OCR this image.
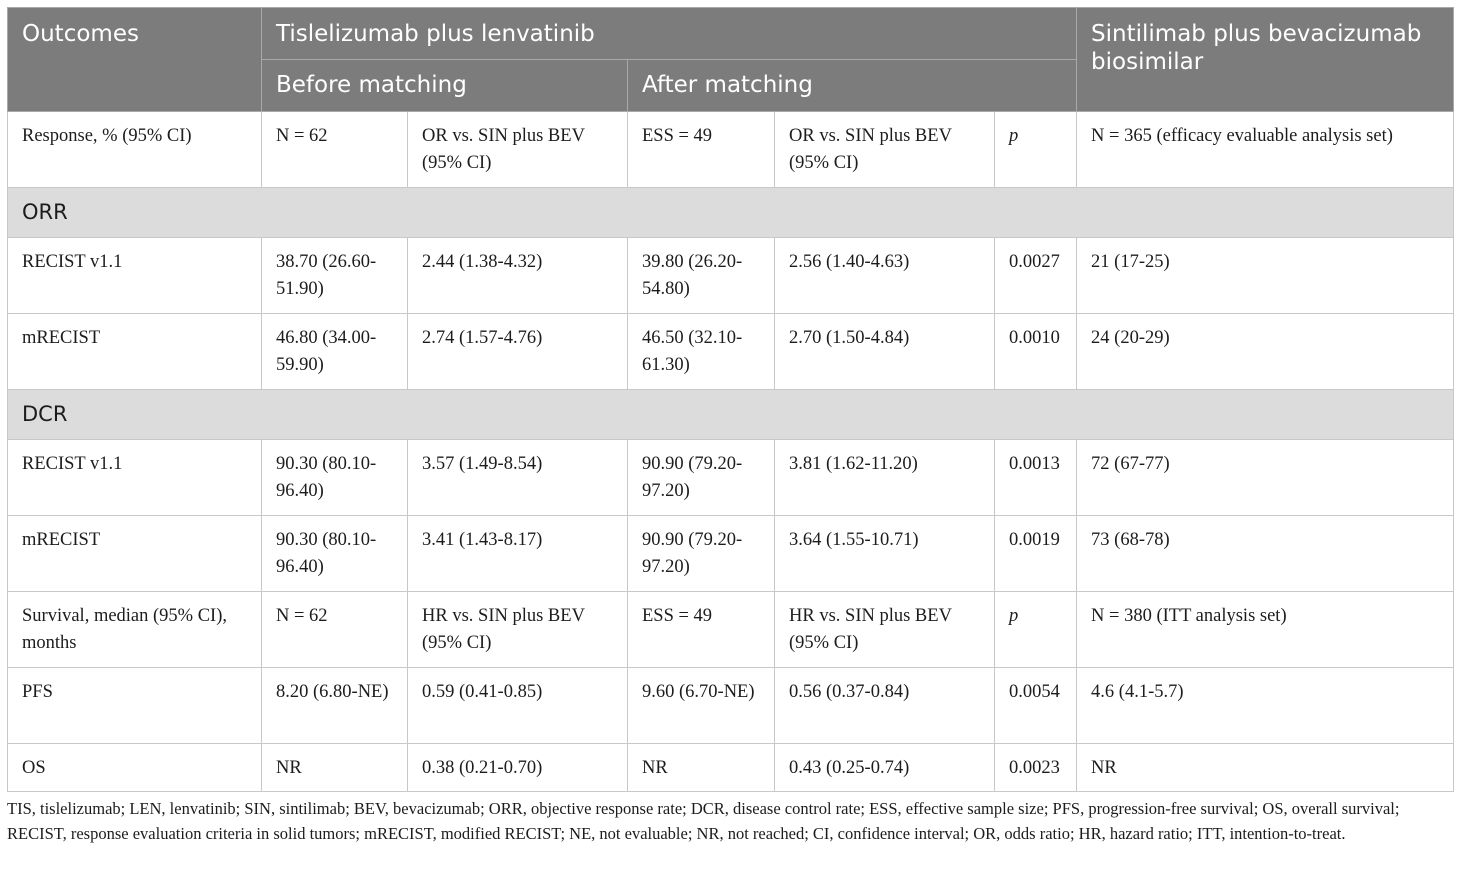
Outcomes	Tislelizumab plus lenvatinib					Sintilimab plus bevacizumab biosimilar
	Before matching		After matching			
Response, % (95% CI)	N = 62	OR vs. SIN plus BEV (95% CI)	ESS = 49	OR vs. SIN plus BEV (95% CI)	p	N = 365 (efficacy evaluable analysis set)
ORR						
RECIST v1.1	38.70 (26.60-51.90)	2.44 (1.38-4.32)	39.80 (26.20-54.80)	2.56 (1.40-4.63)	0.0027	21 (17-25)
mRECIST	46.80 (34.00-59.90)	2.74 (1.57-4.76)	46.50 (32.10-61.30)	2.70 (1.50-4.84)	0.0010	24 (20-29)
DCR						
RECIST v1.1	90.30 (80.10-96.40)	3.57 (1.49-8.54)	90.90 (79.20-97.20)	3.81 (1.62-11.20)	0.0013	72 (67-77)
mRECIST	90.30 (80.10-96.40)	3.41 (1.43-8.17)	90.90 (79.20-97.20)	3.64 (1.55-10.71)	0.0019	73 (68-78)
Survival, median (95% CI), months	N = 62	HR vs. SIN plus BEV (95% CI)	ESS = 49	HR vs. SIN plus BEV (95% CI)	p	N = 380 (ITT analysis set)
PFS	8.20 (6.80-NE)	0.59 (0.41-0.85)	9.60 (6.70-NE)	0.56 (0.37-0.84)	0.0054	4.6 (4.1-5.7)
OS	NR	0.38 (0.21-0.70)	NR	0.43 (0.25-0.74)	0.0023	NR
TIS, tislelizumab; LEN, lenvatinib; SIN, sintilimab; BEV, bevacizumab; ORR, objective response rate; DCR, disease control rate; ESS, effective sample size; PFS, progression-free survival; OS, overall survival; RECIST, response evaluation criteria in solid tumors; mRECIST, modified RECIST; NE, not evaluable; NR, not reached; CI, confidence interval; OR, odds ratio; HR, hazard ratio; ITT, intention-to-treat.
